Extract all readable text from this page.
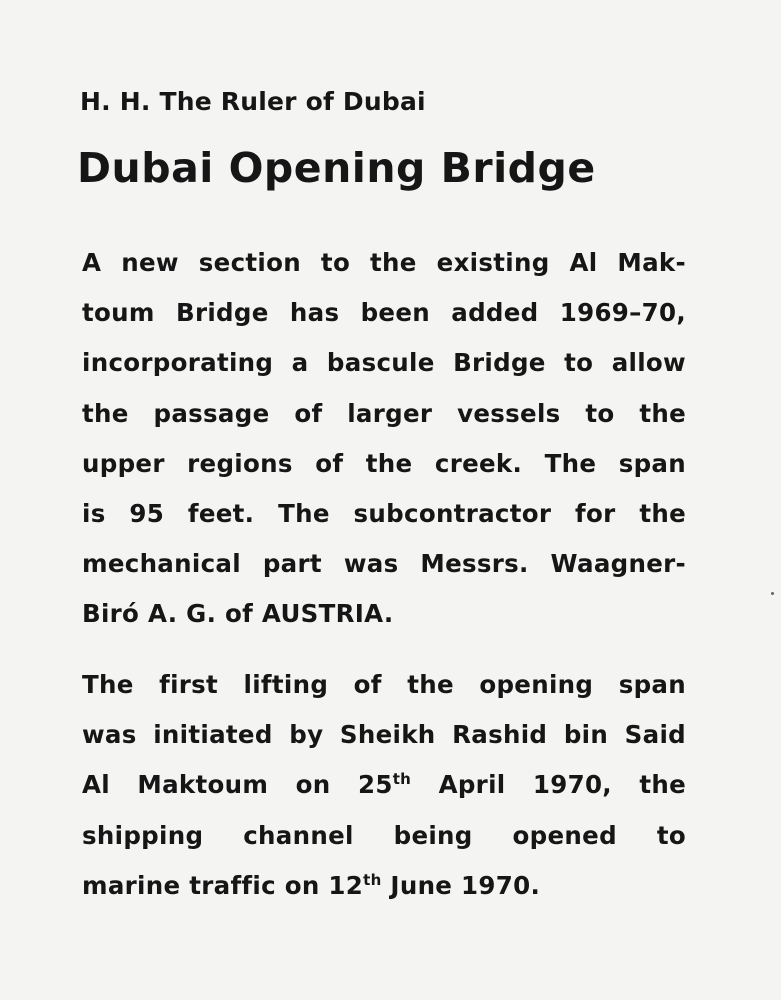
H. H. The Ruler of Dubai
Dubai Opening Bridge
A new section to the existing Al Mak-
toum Bridge has been added 1969–70,
incorporating a bascule Bridge to allow
the passage of larger vessels to the
upper regions of the creek. The span
is 95 feet. The subcontractor for the
mechanical part was Messrs. Waagner-
Biró A. G. of AUSTRIA.
The first lifting of the opening span
was initiated by Sheikh Rashid bin Said
Al Maktoum on 25th April 1970, the
shipping channel being opened to
marine traffic on 12th June 1970.
